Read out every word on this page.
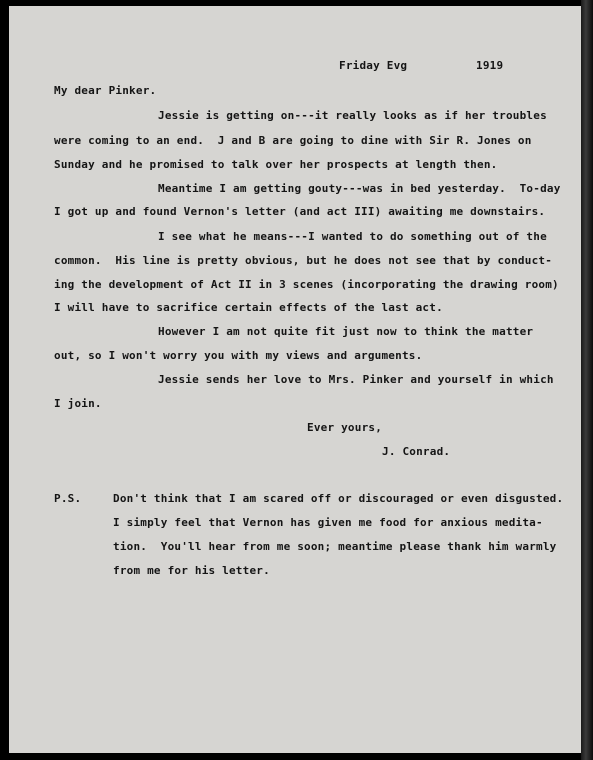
Friday Evg	1919
My dear Pinker.
Jessie is getting on---it really looks as if her troubles
were coming to an end.  J and B are going to dine with Sir R. Jones on
Sunday and he promised to talk over her prospects at length then.
Meantime I am getting gouty---was in bed yesterday.  To-day
I got up and found Vernon's letter (and act III) awaiting me downstairs.
I see what he means---I wanted to do something out of the
common.  His line is pretty obvious, but he does not see that by conduct-
ing the development of Act II in 3 scenes (incorporating the drawing room)
I will have to sacrifice certain effects of the last act.
However I am not quite fit just now to think the matter
out, so I won't worry you with my views and arguments.
Jessie sends her love to Mrs. Pinker and yourself in which
I join.
Ever yours,
J. Conrad.
P.S.	Don't think that I am scared off or discouraged or even disgusted.
I simply feel that Vernon has given me food for anxious medita-
tion.  You'll hear from me soon; meantime please thank him warmly
from me for his letter.
